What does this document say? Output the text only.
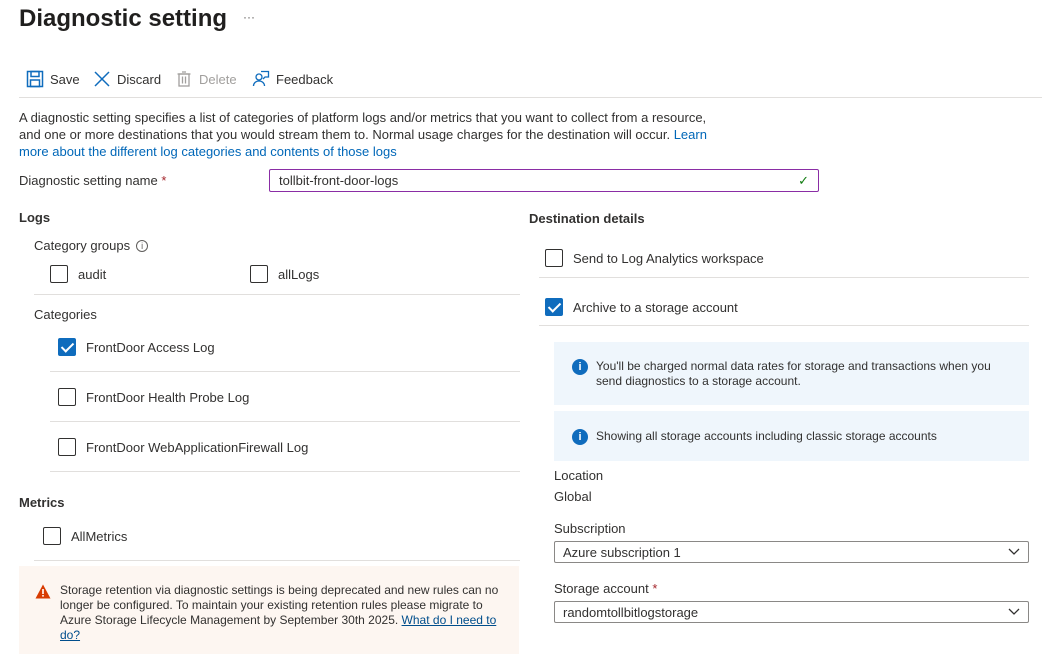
Diagnostic setting ···
Save	Discard	Delete	Feedback

A diagnostic setting specifies a list of categories of platform logs and/or metrics that you want to collect from a resource, and one or more destinations that you would stream them to. Normal usage charges for the destination will occur. Learn more about the different log categories and contents of those logs

Diagnostic setting name *	tollbit-front-door-logs	✓
Logs
Category groups	i
audit	allLogs
Categories
FrontDoor Access Log
FrontDoor Health Probe Log
FrontDoor WebApplicationFirewall Log
Metrics
AllMetrics

Storage retention via diagnostic settings is being deprecated and new rules can no longer be configured. To maintain your existing retention rules please migrate to Azure Storage Lifecycle Management by September 30th 2025. What do I need to do?

Destination details
Send to Log Analytics workspace
Archive to a storage account
i	You'll be charged normal data rates for storage and transactions when you send diagnostics to a storage account.
i	Showing all storage accounts including classic storage accounts
Location
Global
Subscription
Azure subscription 1
Storage account *
randomtollbitlogstorage
